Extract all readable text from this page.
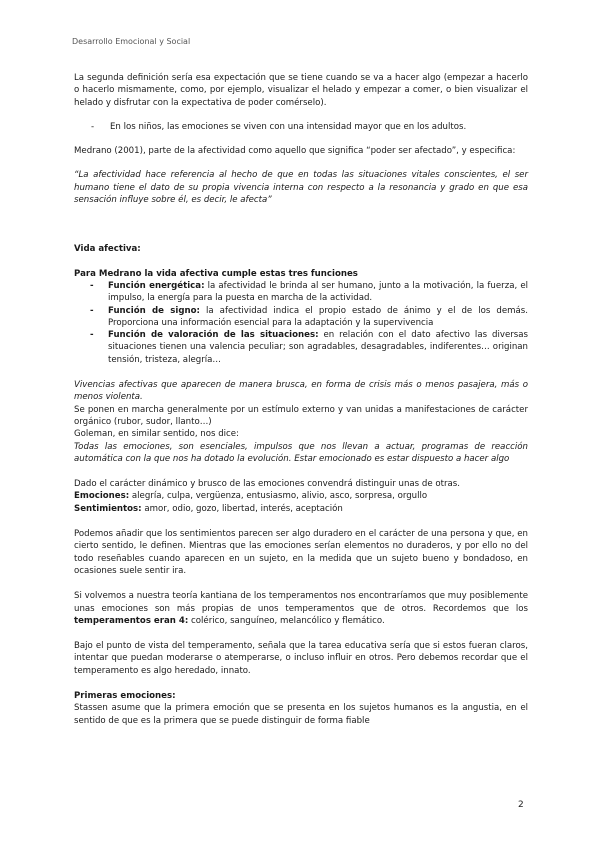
Desarrollo Emocional y Social

La segunda definición sería esa expectación que se tiene cuando se va a hacer algo (empezar a hacerlo o hacerlo mismamente, como, por ejemplo, visualizar el helado y empezar a comer, o bien visualizar el helado y disfrutar con la expectativa de poder comérselo).

- En los niños, las emociones se viven con una intensidad mayor que en los adultos.

Medrano (2001), parte de la afectividad como aquello que significa “poder ser afectado”, y especifica:

“La afectividad hace referencia al hecho de que en todas las situaciones vitales conscientes, el ser humano tiene el dato de su propia vivencia interna con respecto a la resonancia y grado en que esa sensación influye sobre él, es decir, le afecta”

Vida afectiva:

Para Medrano la vida afectiva cumple estas tres funciones

- Función energética: la afectividad le brinda al ser humano, junto a la motivación, la fuerza, el impulso, la energía para la puesta en marcha de la actividad.
- Función de signo: la afectividad indica el propio estado de ánimo y el de los demás. Proporciona una información esencial para la adaptación y la supervivencia
- Función de valoración de las situaciones: en relación con el dato afectivo las diversas situaciones tienen una valencia peculiar; son agradables, desagradables, indiferentes… originan tensión, tristeza, alegría…

Vivencias afectivas que aparecen de manera brusca, en forma de crisis más o menos pasajera, más o menos violenta.

Se ponen en marcha generalmente por un estímulo externo y van unidas a manifestaciones de carácter orgánico (rubor, sudor, llanto…)

Goleman, en similar sentido, nos dice:

Todas las emociones, son esenciales, impulsos que nos llevan a actuar, programas de reacción automática con la que nos ha dotado la evolución. Estar emocionado es estar dispuesto a hacer algo

Dado el carácter dinámico y brusco de las emociones convendrá distinguir unas de otras.

Emociones: alegría, culpa, vergüenza, entusiasmo, alivio, asco, sorpresa, orgullo

Sentimientos: amor, odio, gozo, libertad, interés, aceptación

Podemos añadir que los sentimientos parecen ser algo duradero en el carácter de una persona y que, en cierto sentido, le definen. Mientras que las emociones serían elementos no duraderos, y por ello no del todo reseñables cuando aparecen en un sujeto, en la medida que un sujeto bueno y bondadoso, en ocasiones suele sentir ira.

Si volvemos a nuestra teoría kantiana de los temperamentos nos encontraríamos que muy posiblemente unas emociones son más propias de unos temperamentos que de otros. Recordemos que los temperamentos eran 4: colérico, sanguíneo, melancólico y flemático.

Bajo el punto de vista del temperamento, señala que la tarea educativa sería que si estos fueran claros, intentar que puedan moderarse o atemperarse, o incluso influir en otros. Pero debemos recordar que el temperamento es algo heredado, innato.

Primeras emociones:

Stassen asume que la primera emoción que se presenta en los sujetos humanos es la angustia, en el sentido de que es la primera que se puede distinguir de forma fiable

2
